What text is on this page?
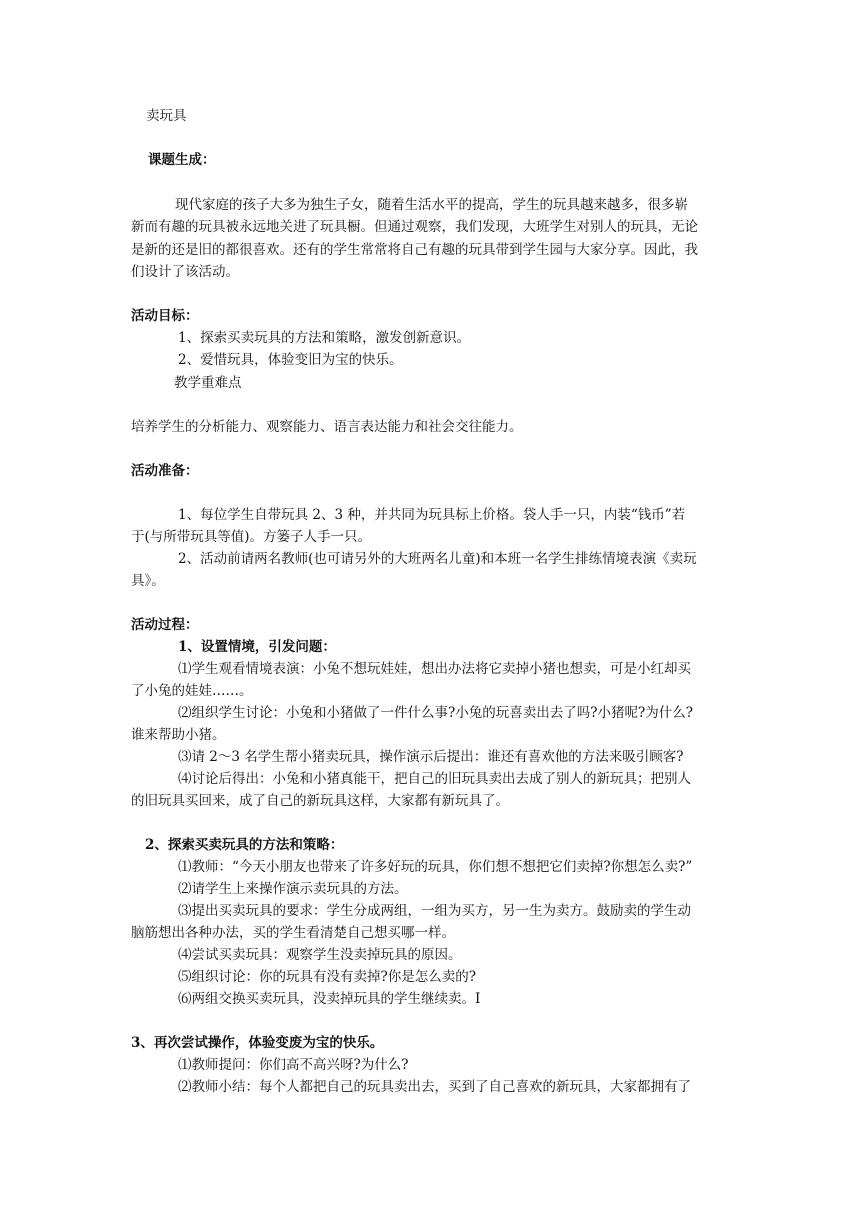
卖玩具
课题生成：
现代家庭的孩子大多为独生子女，随着生活水平的提高，学生的玩具越来越多，很多崭
新而有趣的玩具被永远地关进了玩具橱。但通过观察，我们发现，大班学生对别人的玩具，无论
是新的还是旧的都很喜欢。还有的学生常常将自己有趣的玩具带到学生园与大家分享。因此，我
们设计了该活动。
活动目标：
1、探索买卖玩具的方法和策略，激发创新意识。
2、爱惜玩具，体验变旧为宝的快乐。
教学重难点
培养学生的分析能力、观察能力、语言表达能力和社会交往能力。
活动准备：
1、每位学生自带玩具 2、3 种，并共同为玩具标上价格。袋人手一只，内装“钱币”若
于(与所带玩具等值)。方篓子人手一只。
2、活动前请两名教师(也可请另外的大班两名儿童)和本班一名学生排练情境表演《卖玩
具》。
活动过程：
1、设置情境，引发问题：
⑴学生观看情境表演：小兔不想玩娃娃，想出办法将它卖掉小猪也想卖，可是小红却买
了小兔的娃娃……。
⑵组织学生讨论：小兔和小猪做了一件什么事?小兔的玩喜卖出去了吗?小猪呢?为什么?
谁来帮助小猪。
⑶请 2～3 名学生帮小猪卖玩具，操作演示后提出：谁还有喜欢他的方法来吸引顾客?
⑷讨论后得出：小兔和小猪真能干，把自己的旧玩具卖出去成了别人的新玩具；把别人
的旧玩具买回来，成了自己的新玩具这样，大家都有新玩具了。
2、探索买卖玩具的方法和策略：
⑴教师：“今天小朋友也带来了许多好玩的玩具，你们想不想把它们卖掉?你想怎么卖?”
⑵请学生上来操作演示卖玩具的方法。
⑶提出买卖玩具的要求：学生分成两组，一组为买方，另一生为卖方。鼓励卖的学生动
脑筋想出各种办法，买的学生看清楚自己想买哪一样。
⑷尝试买卖玩具：观察学生没卖掉玩具的原因。
⑸组织讨论：你的玩具有没有卖掉?你是怎么卖的?
⑹两组交换买卖玩具，没卖掉玩具的学生继续卖。I
3、再次尝试操作，体验变废为宝的快乐。
⑴教师提问：你们高不高兴呀?为什么?
⑵教师小结：每个人都把自己的玩具卖出去，买到了自己喜欢的新玩具，大家都拥有了
